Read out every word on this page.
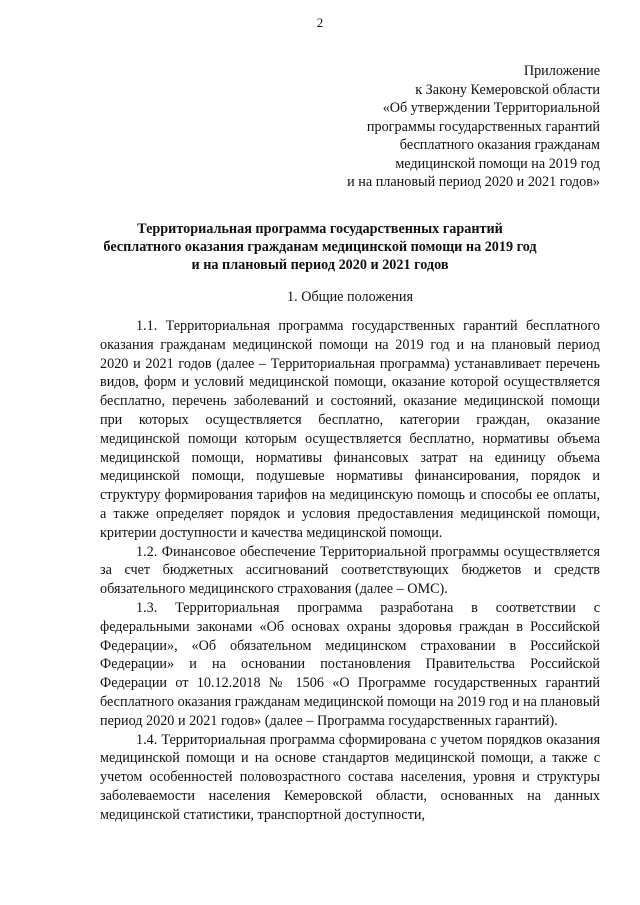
2
Приложение
к Закону Кемеровской области
«Об утверждении Территориальной
программы государственных гарантий
бесплатного оказания гражданам
медицинской помощи на 2019 год
и на плановый период 2020 и 2021 годов»
Территориальная программа государственных гарантий
бесплатного оказания гражданам медицинской помощи на 2019 год
и на плановый период 2020 и 2021 годов
1. Общие положения

1.1. Территориальная программа государственных гарантий бесплатного оказания гражданам медицинской помощи на 2019 год и на плановый период 2020 и 2021 годов (далее – Территориальная программа) устанавливает перечень видов, форм и условий медицинской помощи, оказание которой осуществляется бесплатно, перечень заболеваний и состояний, оказание медицинской помощи при которых осуществляется бесплатно, категории граждан, оказание медицинской помощи которым осуществляется бесплатно, нормативы объема медицинской помощи, нормативы финансовых затрат на единицу объема медицинской помощи, подушевые нормативы финансирования, порядок и структуру формирования тарифов на медицинскую помощь и способы ее оплаты, а также определяет порядок и условия предоставления медицинской помощи, критерии доступности и качества медицинской помощи.

1.2. Финансовое обеспечение Территориальной программы осуществляется за счет бюджетных ассигнований соответствующих бюджетов и средств обязательного медицинского страхования (далее – ОМС).

1.3. Территориальная программа разработана в соответствии с федеральными законами «Об основах охраны здоровья граждан в Российской Федерации», «Об обязательном медицинском страховании в Российской Федерации» и на основании постановления Правительства Российской Федерации от 10.12.2018 № 1506 «О Программе государственных гарантий бесплатного оказания гражданам медицинской помощи на 2019 год и на плановый период 2020 и 2021 годов» (далее – Программа государственных гарантий).

1.4. Территориальная программа сформирована с учетом порядков оказания медицинской помощи и на основе стандартов медицинской помощи, а также с учетом особенностей половозрастного состава населения, уровня и структуры заболеваемости населения Кемеровской области, основанных на данных медицинской статистики, транспортной доступности,
